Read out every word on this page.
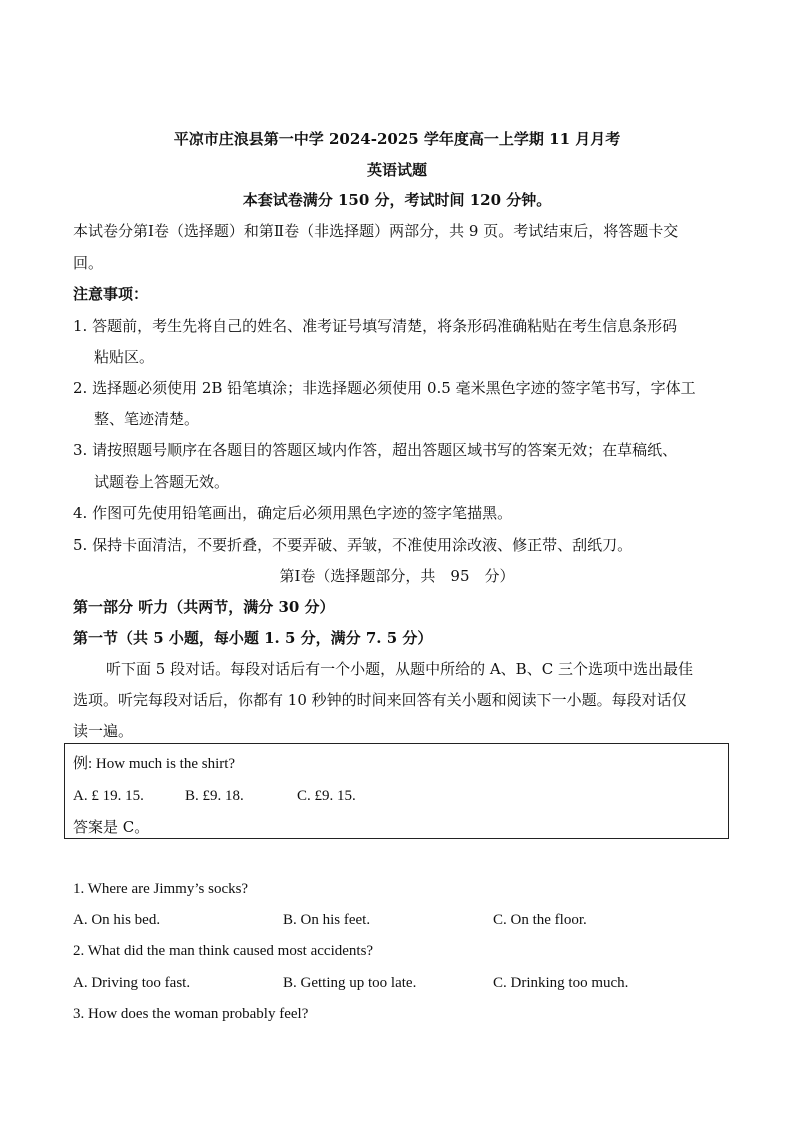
平凉市庄浪县第一中学 2024-2025 学年度高一上学期 11 月月考
英语试题
本套试卷满分 150 分，考试时间 120 分钟。
本试卷分第Ⅰ卷（选择题）和第Ⅱ卷（非选择题）两部分，共 9 页。考试结束后，将答题卡交
回。
注意事项：
1. 答题前，考生先将自己的姓名、准考证号填写清楚，将条形码准确粘贴在考生信息条形码
粘贴区。
2. 选择题必须使用 2B 铅笔填涂；非选择题必须使用 0.5 毫米黑色字迹的签字笔书写，字体工
整、笔迹清楚。
3. 请按照题号顺序在各题目的答题区域内作答，超出答题区域书写的答案无效；在草稿纸、
试题卷上答题无效。
4. 作图可先使用铅笔画出，确定后必须用黑色字迹的签字笔描黑。
5. 保持卡面清洁，不要折叠，不要弄破、弄皱，不准使用涂改液、修正带、刮纸刀。
第Ⅰ卷（选择题部分，共　95　分）
第一部分 听力（共两节，满分 30 分）
第一节（共 5 小题，每小题 1. 5 分，满分 7. 5 分）
听下面 5 段对话。每段对话后有一个小题，从题中所给的 A、B、C 三个选项中选出最佳
选项。听完每段对话后，你都有 10 秒钟的时间来回答有关小题和阅读下一小题。每段对话仅
读一遍。
例: How much is the shirt?
A. £ 19. 15.	B. £9. 18.	C. £9. 15.
答案是 C。
1. Where are Jimmy’s socks?
A. On his bed.	B. On his feet.	C. On the floor.
2. What did the man think caused most accidents?
A. Driving too fast.	B. Getting up too late.	C. Drinking too much.
3. How does the woman probably feel?
